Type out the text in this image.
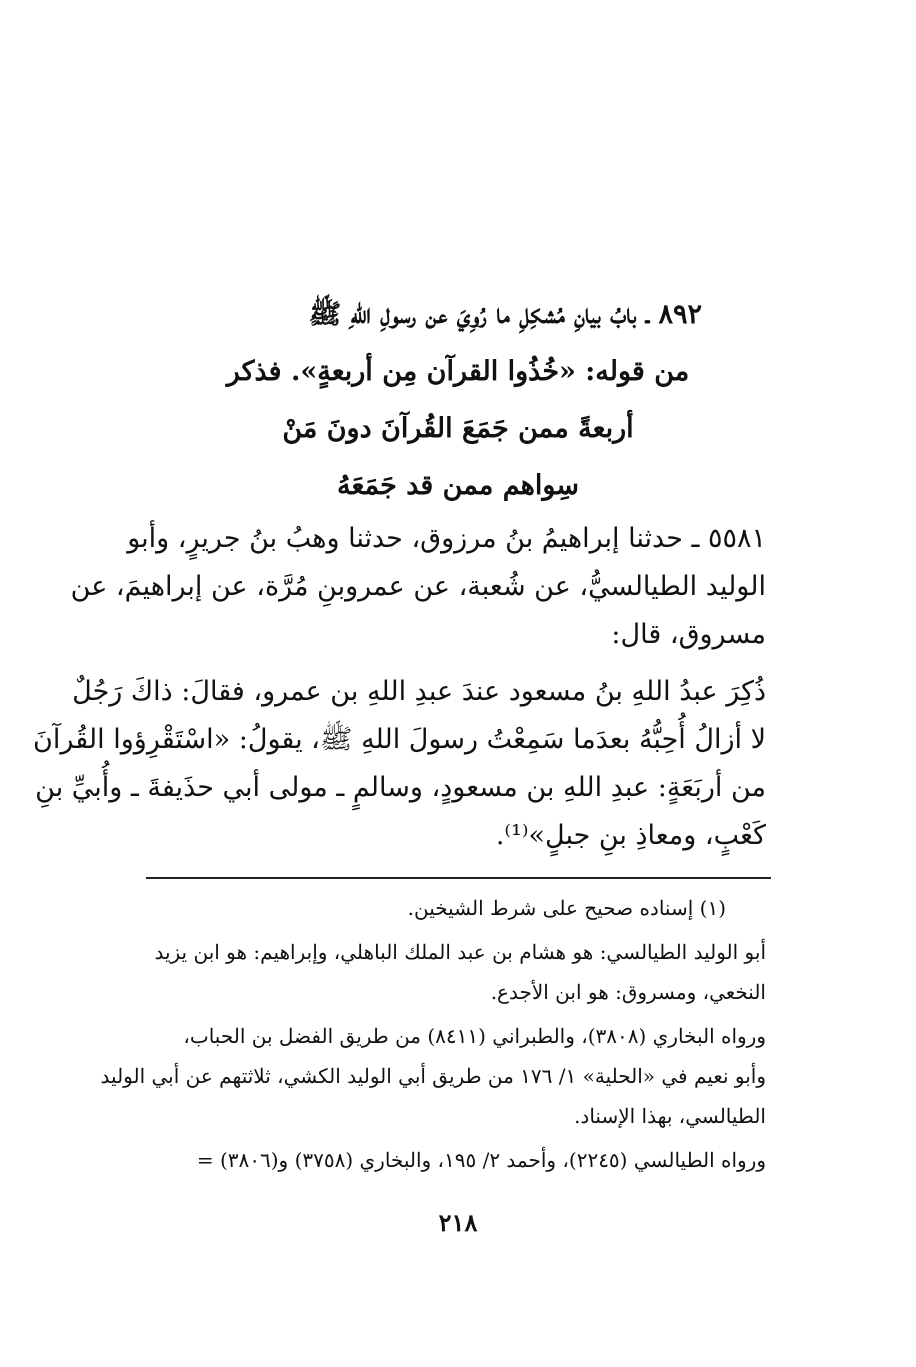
٨٩٢ ـ بابُ بيانِ مُشكِلِ ما رُوِيَ عن رسولِ اللهِ ﷺ
من قوله: «خُذُوا القرآن مِن أربعةٍ». فذكر
أربعةً ممن جَمَعَ القُرآنَ دونَ مَنْ
سِواهم ممن قد جَمَعَهُ
٥٥٨١ ـ حدثنا إبراهيمُ بنُ مرزوق، حدثنا وهبُ بنُ جريرٍ، وأبو
الوليد الطيالسيُّ، عن شُعبة، عن عمروبنِ مُرَّة، عن إبراهيمَ، عن
مسروق، قال:
ذُكِرَ عبدُ اللهِ بنُ مسعود عندَ عبدِ اللهِ بن عمرو، فقالَ: ذاكَ رَجُلٌ
لا أزالُ أُحِبُّهُ بعدَما سَمِعْتُ رسولَ اللهِ ﷺ، يقولُ: «اسْتَقْرِؤوا القُرآنَ
من أربَعَةٍ: عبدِ اللهِ بن مسعودٍ، وسالمٍ ـ مولى أبي حذَيفةَ ـ وأُبيِّ بنِ
كَعْبٍ، ومعاذِ بنِ جبلٍ»⁽¹⁾.

(١) إسناده صحيح على شرط الشيخين.

أبو الوليد الطيالسي: هو هشام بن عبد الملك الباهلي، وإبراهيم: هو ابن يزيد
النخعي، ومسروق: هو ابن الأجدع.

ورواه البخاري (٣٨٠٨)، والطبراني (٨٤١١) من طريق الفضل بن الحباب،
وأبو نعيم في «الحلية» ١/ ١٧٦ من طريق أبي الوليد الكشي، ثلاثتهم عن أبي الوليد
الطيالسي، بهذا الإسناد.

ورواه الطيالسي (٢٢٤٥)، وأحمد ٢/ ١٩٥، والبخاري (٣٧٥٨) و(٣٨٠٦) =

٢١٨
